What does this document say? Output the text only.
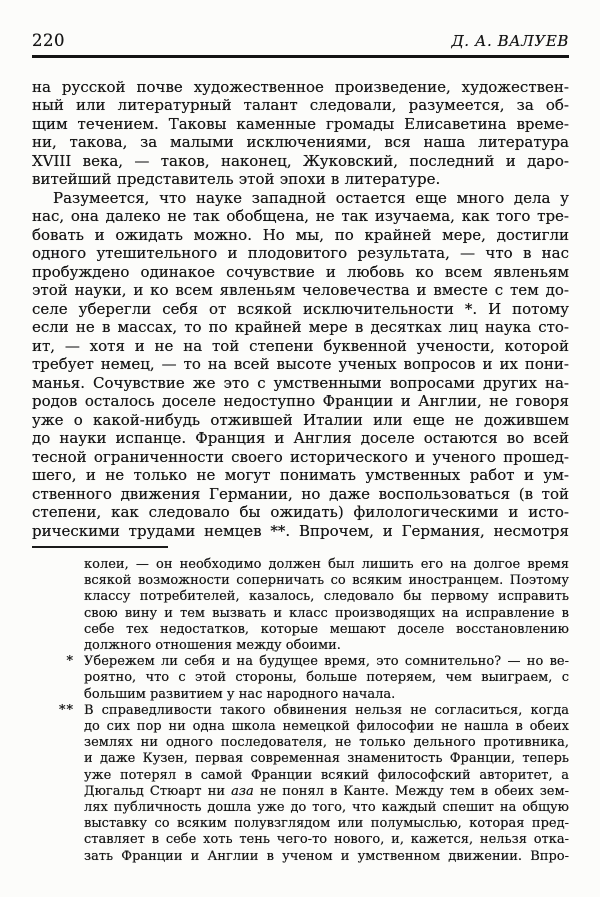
220	Д. А. ВАЛУЕВ
на русской почве художественное произведение, художествен-
ный или литературный талант следовали, разумеется, за об-
щим течением. Таковы каменные громады Елисаветина време-
ни, такова, за малыми исключениями, вся наша литература
XVIII века, — таков, наконец, Жуковский, последний и даро-
витейший представитель этой эпохи в литературе.
Разумеется, что науке западной остается еще много дела у
нас, она далеко не так обобщена, не так изучаема, как того тре-
бовать и ожидать можно. Но мы, по крайней мере, достигли
одного утешительного и плодовитого результата, — что в нас
пробуждено одинакое сочувствие и любовь ко всем явленьям
этой науки, и ко всем явленьям человечества и вместе с тем до-
селе уберегли себя от всякой исключительности *. И потому
если не в массах, то по крайней мере в десятках лиц наука сто-
ит, — хотя и не на той степени буквенной учености, которой
требует немец, — то на всей высоте ученых вопросов и их пони-
манья. Сочувствие же это с умственными вопросами других на-
родов осталось доселе недоступно Франции и Англии, не говоря
уже о какой-нибудь отжившей Италии или еще не дожившем
до науки испанце. Франция и Англия доселе остаются во всей
тесной ограниченности своего исторического и ученого прошед-
шего, и не только не могут понимать умственных работ и ум-
ственного движения Германии, но даже воспользоваться (в той
степени, как следовало бы ожидать) филологическими и исто-
рическими трудами немцев **. Впрочем, и Германия, несмотря
колеи, — он необходимо должен был лишить его на долгое время
всякой возможности соперничать со всяким иностранцем. Поэтому
классу потребителей, казалось, следовало бы первому исправить
свою вину и тем вызвать и класс производящих на исправление в
себе тех недостатков, которые мешают доселе восстановлению
должного отношения между обоими.
* Убережем ли себя и на будущее время, это сомнительно? — но ве-
роятно, что с этой стороны, больше потеряем, чем выиграем, с
большим развитием у нас народного начала.
** В справедливости такого обвинения нельзя не согласиться, когда
до сих пор ни одна школа немецкой философии не нашла в обеих
землях ни одного последователя, не только дельного противника,
и даже Кузен, первая современная знаменитость Франции, теперь
уже потерял в самой Франции всякий философский авторитет, а
Дюгальд Стюарт ни аза не понял в Канте. Между тем в обеих зем-
лях публичность дошла уже до того, что каждый спешит на общую
выставку со всяким полувзглядом или полумыслью, которая пред-
ставляет в себе хоть тень чего-то нового, и, кажется, нельзя отка-
зать Франции и Англии в ученом и умственном движении. Впро-
